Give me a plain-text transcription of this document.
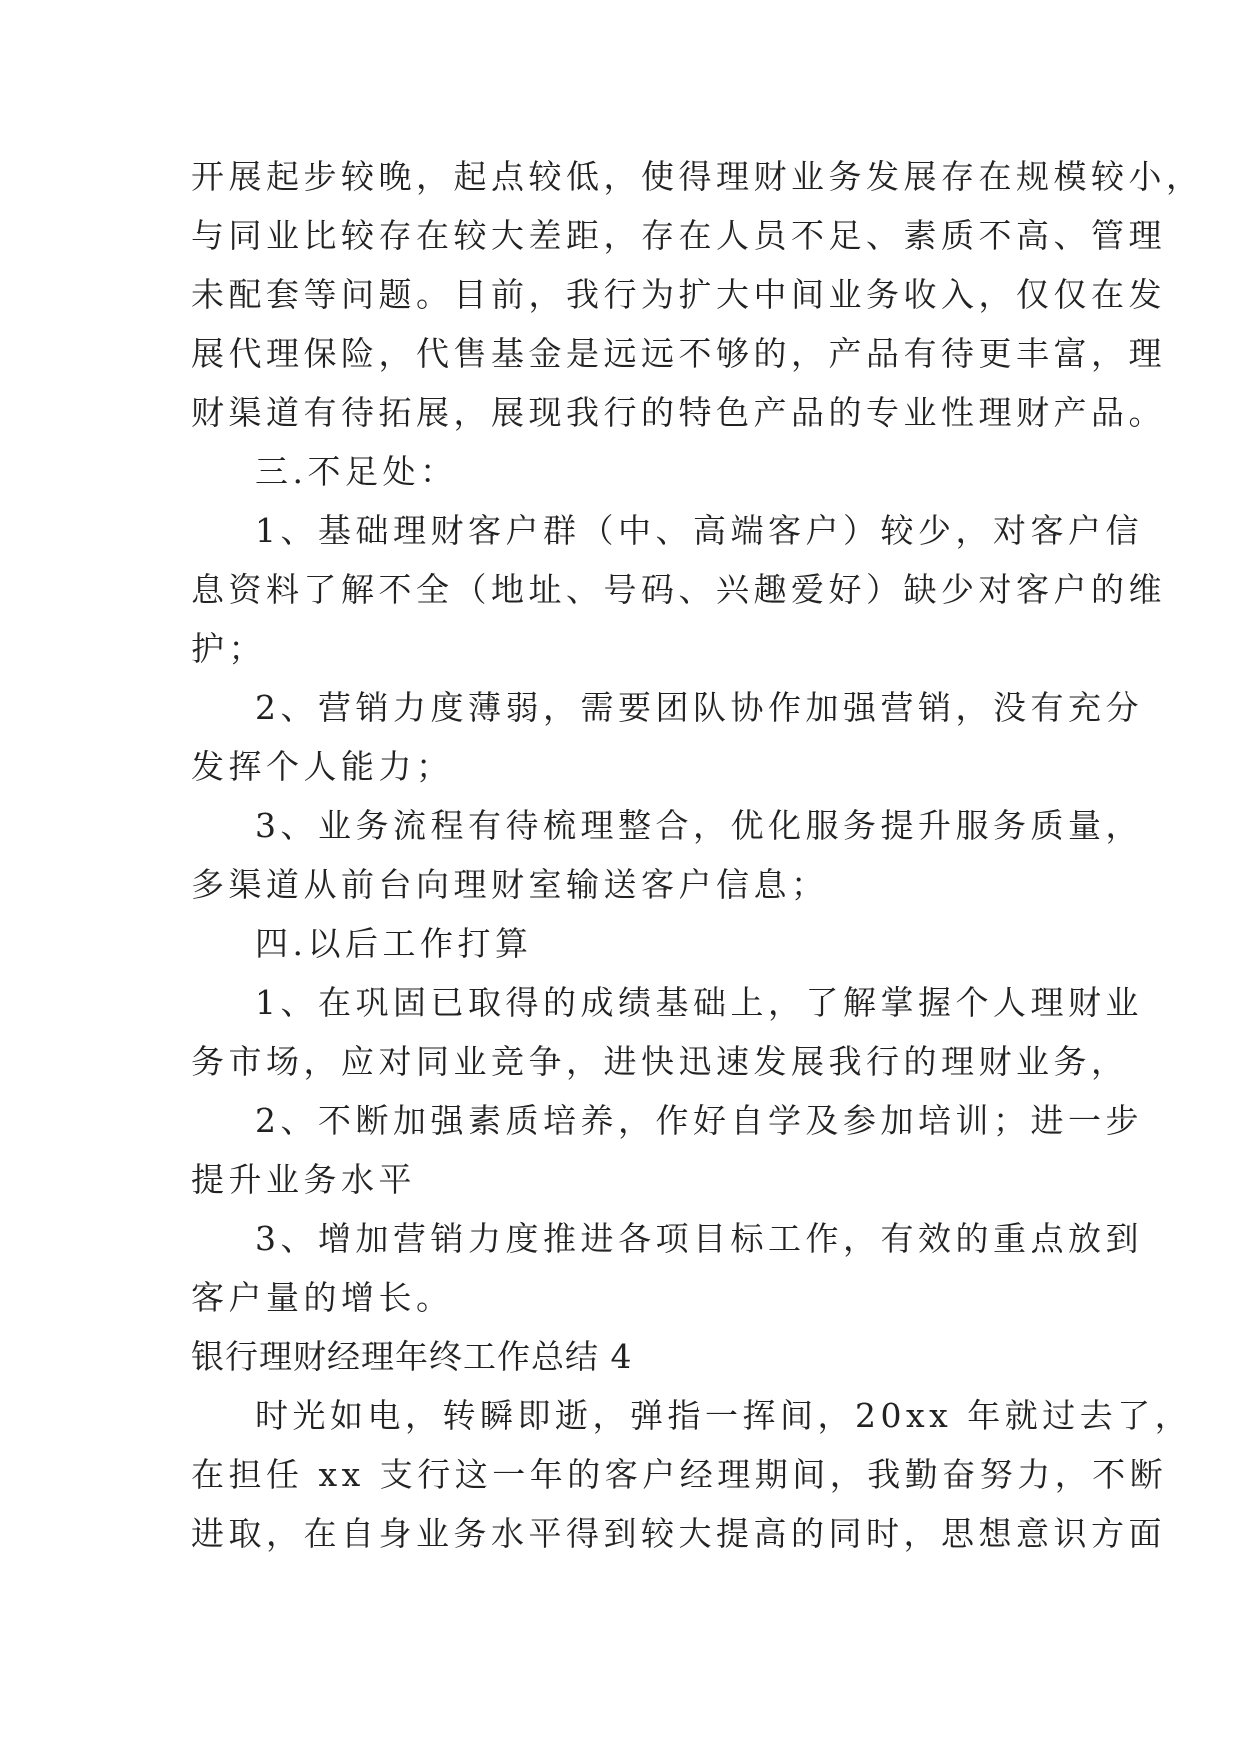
开展起步较晚，起点较低，使得理财业务发展存在规模较小，
与同业比较存在较大差距，存在人员不足、素质不高、管理
未配套等问题。目前，我行为扩大中间业务收入，仅仅在发
展代理保险，代售基金是远远不够的，产品有待更丰富，理
财渠道有待拓展，展现我行的特色产品的专业性理财产品。
三.不足处：
1、基础理财客户群（中、高端客户）较少，对客户信
息资料了解不全（地址、号码、兴趣爱好）缺少对客户的维
护；
2、营销力度薄弱，需要团队协作加强营销，没有充分
发挥个人能力；
3、业务流程有待梳理整合，优化服务提升服务质量，
多渠道从前台向理财室输送客户信息；
四.以后工作打算
1、在巩固已取得的成绩基础上，了解掌握个人理财业
务市场，应对同业竞争，进快迅速发展我行的理财业务，
2、不断加强素质培养，作好自学及参加培训；进一步
提升业务水平
3、增加营销力度推进各项目标工作，有效的重点放到
客户量的增长。
银行理财经理年终工作总结 4
时光如电，转瞬即逝，弹指一挥间，20xx 年就过去了，
在担任 xx 支行这一年的客户经理期间，我勤奋努力，不断
进取，在自身业务水平得到较大提高的同时，思想意识方面
